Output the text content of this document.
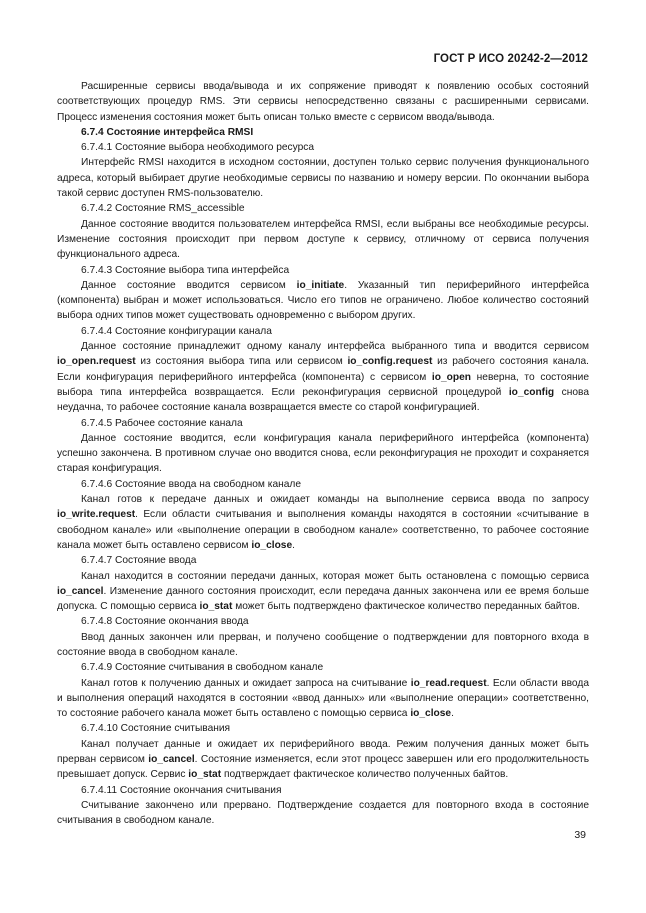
ГОСТ Р ИСО 20242-2—2012

Расширенные сервисы ввода/вывода и их сопряжение приводят к появлению особых состояний соответствующих процедур RMS. Эти сервисы непосредственно связаны с расширенными сервисами. Процесс изменения состояния может быть описан только вместе с сервисом ввода/вывода.

6.7.4 Состояние интерфейса RMSI

6.7.4.1 Состояние выбора необходимого ресурса

Интерфейс RMSI находится в исходном состоянии, доступен только сервис получения функционального адреса, который выбирает другие необходимые сервисы по названию и номеру версии. По окончании выбора такой сервис доступен RMS-пользователю.

6.7.4.2 Состояние RMS_accessible

Данное состояние вводится пользователем интерфейса RMSI, если выбраны все необходимые ресурсы. Изменение состояния происходит при первом доступе к сервису, отличному от сервиса получения функционального адреса.

6.7.4.3 Состояние выбора типа интерфейса

Данное состояние вводится сервисом io_initiate. Указанный тип периферийного интерфейса (компонента) выбран и может использоваться. Число его типов не ограничено. Любое количество состояний выбора одних типов может существовать одновременно с выбором других.

6.7.4.4 Состояние конфигурации канала

Данное состояние принадлежит одному каналу интерфейса выбранного типа и вводится сервисом io_open.request из состояния выбора типа или сервисом io_config.request из рабочего состояния канала. Если конфигурация периферийного интерфейса (компонента) с сервисом io_open неверна, то состояние выбора типа интерфейса возвращается. Если реконфигурация сервисной процедурой io_config снова неудачна, то рабочее состояние канала возвращается вместе со старой конфигурацией.

6.7.4.5 Рабочее состояние канала

Данное состояние вводится, если конфигурация канала периферийного интерфейса (компонента) успешно закончена. В противном случае оно вводится снова, если реконфигурация не проходит и сохраняется старая конфигурация.

6.7.4.6 Состояние ввода на свободном канале

Канал готов к передаче данных и ожидает команды на выполнение сервиса ввода по запросу io_write.request. Если области считывания и выполнения команды находятся в состоянии «считывание в свободном канале» или «выполнение операции в свободном канале» соответственно, то рабочее состояние канала может быть оставлено сервисом io_close.

6.7.4.7 Состояние ввода

Канал находится в состоянии передачи данных, которая может быть остановлена с помощью сервиса io_cancel. Изменение данного состояния происходит, если передача данных закончена или ее время больше допуска. С помощью сервиса io_stat может быть подтверждено фактическое количество переданных байтов.

6.7.4.8 Состояние окончания ввода

Ввод данных закончен или прерван, и получено сообщение о подтверждении для повторного входа в состояние ввода в свободном канале.

6.7.4.9 Состояние считывания в свободном канале

Канал готов к получению данных и ожидает запроса на считывание io_read.request. Если области ввода и выполнения операций находятся в состоянии «ввод данных» или «выполнение операции» соответственно, то состояние рабочего канала может быть оставлено с помощью сервиса io_close.

6.7.4.10 Состояние считывания

Канал получает данные и ожидает их периферийного ввода. Режим получения данных может быть прерван сервисом io_cancel. Состояние изменяется, если этот процесс завершен или его продолжительность превышает допуск. Сервис io_stat подтверждает фактическое количество полученных байтов.

6.7.4.11 Состояние окончания считывания

Считывание закончено или прервано. Подтверждение создается для повторного входа в состояние считывания в свободном канале.

39
